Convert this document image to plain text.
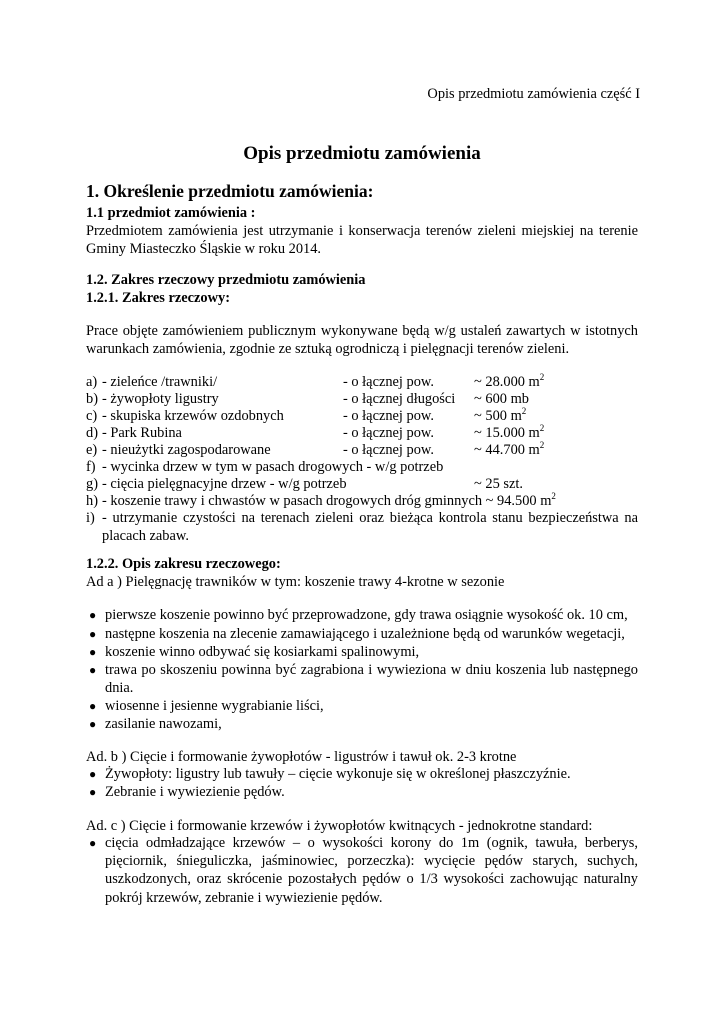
Opis przedmiotu zamówienia część I
Opis przedmiotu zamówienia
1. Określenie przedmiotu zamówienia:
1.1 przedmiot zamówienia :
Przedmiotem zamówienia jest utrzymanie i konserwacja terenów zieleni miejskiej na terenie Gminy Miasteczko Śląskie w roku 2014.
1.2. Zakres rzeczowy przedmiotu zamówienia
1.2.1. Zakres rzeczowy:
Prace objęte zamówieniem publicznym wykonywane będą w/g ustaleń zawartych w istotnych warunkach zamówienia, zgodnie ze sztuką ogrodniczą i pielęgnacji terenów zieleni.
a) - zieleńce /trawniki/	- o łącznej pow.	~ 28.000 $m^2$
b) - żywopłoty ligustry	- o łącznej długości ~ 600 mb
c) - skupiska krzewów ozdobnych	- o łącznej pow.	~ 500 $m^2$
d) - Park Rubina	- o łącznej pow.	~ 15.000 $m^2$
e) - nieużytki zagospodarowane	- o łącznej pow.	~ 44.700 $m^2$
f) - wycinka drzew w tym w pasach drogowych - w/g potrzeb
g) - cięcia pielęgnacyjne drzew - w/g potrzeb	~ 25 szt.
h) - koszenie trawy i chwastów w pasach drogowych dróg gminnych ~ 94.500 $m^2$
i) - utrzymanie czystości na terenach zieleni oraz bieżąca kontrola stanu bezpieczeństwa na placach zabaw.
1.2.2. Opis zakresu rzeczowego:
Ad a ) Pielęgnację trawników w tym: koszenie trawy 4-krotne w sezonie
● pierwsze koszenie powinno być przeprowadzone, gdy trawa osiągnie wysokość ok. 10 cm,
● następne koszenia na zlecenie zamawiającego i uzależnione będą od warunków wegetacji,
● koszenie winno odbywać się kosiarkami spalinowymi,
● trawa po skoszeniu powinna być zagrabiona i wywieziona w dniu koszenia lub następnego dnia.
● wiosenne i jesienne wygrabianie liści,
● zasilanie nawozami,
Ad. b ) Cięcie i formowanie żywopłotów - ligustrów i tawuł ok. 2-3 krotne
● Żywopłoty: ligustry lub tawuły – cięcie wykonuje się w określonej płaszczyźnie.
● Zebranie i wywiezienie pędów.
Ad. c ) Cięcie i formowanie krzewów i żywopłotów kwitnących - jednokrotne standard:
● cięcia odmładzające krzewów – o wysokości korony do 1m (ognik, tawuła, berberys, pięciornik, śnieguliczka, jaśminowiec, porzeczka): wycięcie pędów starych, suchych, uszkodzonych, oraz skrócenie pozostałych pędów o 1/3 wysokości zachowując naturalny pokrój krzewów, zebranie i wywiezienie pędów.
